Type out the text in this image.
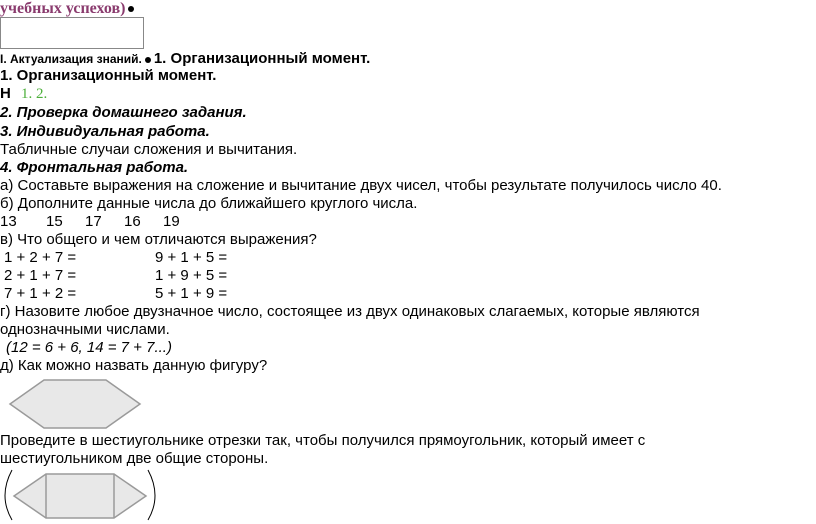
учебных успехов)
I. Актуализация знаний. 1. Организационный момент.
1. Организационный момент.
Н 1. 2.
2. Проверка домашнего задания.
3. Индивидуальная работа.
Табличные случаи сложения и вычитания.
4. Фронтальная работа.
а) Составьте выражения на сложение и вычитание двух чисел, чтобы результате получилось число 40.
б) Дополните данные числа до ближайшего круглого числа.
13 15 17 16 19
в) Что общего и чем отличаются выражения?
1 + 2 + 7 =	9 + 1 + 5 =
2 + 1 + 7 =	1 + 9 + 5 =
7 + 1 + 2 =	5 + 1 + 9 =
г) Назовите любое двузначное число, состоящее из двух одинаковых слагаемых, которые являются
однозначными числами.
(12 = 6 + 6, 14 = 7 + 7...)
д) Как можно назвать данную фигуру?
Проведите в шестиугольнике отрезки так, чтобы получился прямоугольник, который имеет с
шестиугольником две общие стороны.
